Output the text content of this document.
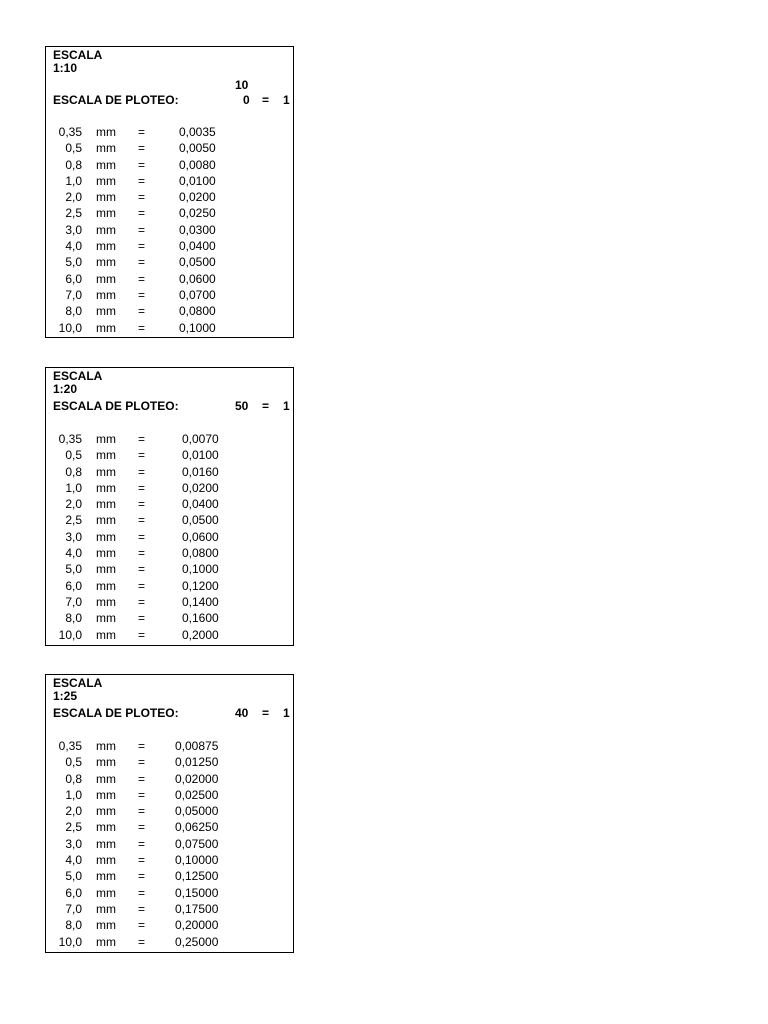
ESCALA
1:10
10
ESCALA DE PLOTEO:	0 = 1
0,35 mm =	0,0035
0,5 mm =	0,0050
0,8 mm =	0,0080
1,0 mm =	0,0100
2,0 mm =	0,0200
2,5 mm =	0,0250
3,0 mm =	0,0300
4,0 mm =	0,0400
5,0 mm =	0,0500
6,0 mm =	0,0600
7,0 mm =	0,0700
8,0 mm =	0,0800
10,0 mm =	0,1000
ESCALA
1:20
ESCALA DE PLOTEO:	50 = 1
0,35 mm =	0,0070
0,5 mm =	0,0100
0,8 mm =	0,0160
1,0 mm =	0,0200
2,0 mm =	0,0400
2,5 mm =	0,0500
3,0 mm =	0,0600
4,0 mm =	0,0800
5,0 mm =	0,1000
6,0 mm =	0,1200
7,0 mm =	0,1400
8,0 mm =	0,1600
10,0 mm =	0,2000
ESCALA
1:25
ESCALA DE PLOTEO:	40 = 1
0,35 mm = 0,00875
0,5 mm = 0,01250
0,8 mm = 0,02000
1,0 mm = 0,02500
2,0 mm = 0,05000
2,5 mm = 0,06250
3,0 mm = 0,07500
4,0 mm = 0,10000
5,0 mm = 0,12500
6,0 mm = 0,15000
7,0 mm = 0,17500
8,0 mm = 0,20000
10,0 mm = 0,25000
